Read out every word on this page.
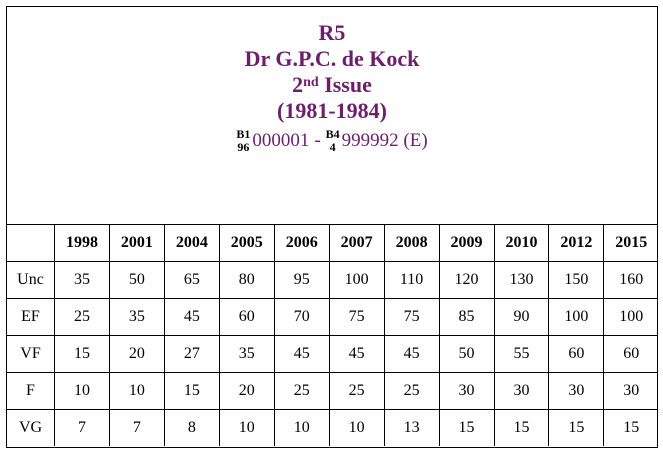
R5
Dr G.P.C. de Kock
2nd Issue
(1981-1984)
B1
96 000001 - B4
4 999992 (E)
	1998	2001	2004	2005	2006	2007	2008	2009	2010	2012	2015
Unc	35	50	65	80	95	100	110	120	130	150	160
EF	25	35	45	60	70	75	75	85	90	100	100
VF	15	20	27	35	45	45	45	50	55	60	60
F	10	10	15	20	25	25	25	30	30	30	30
VG	7	7	8	10	10	10	13	15	15	15	15
